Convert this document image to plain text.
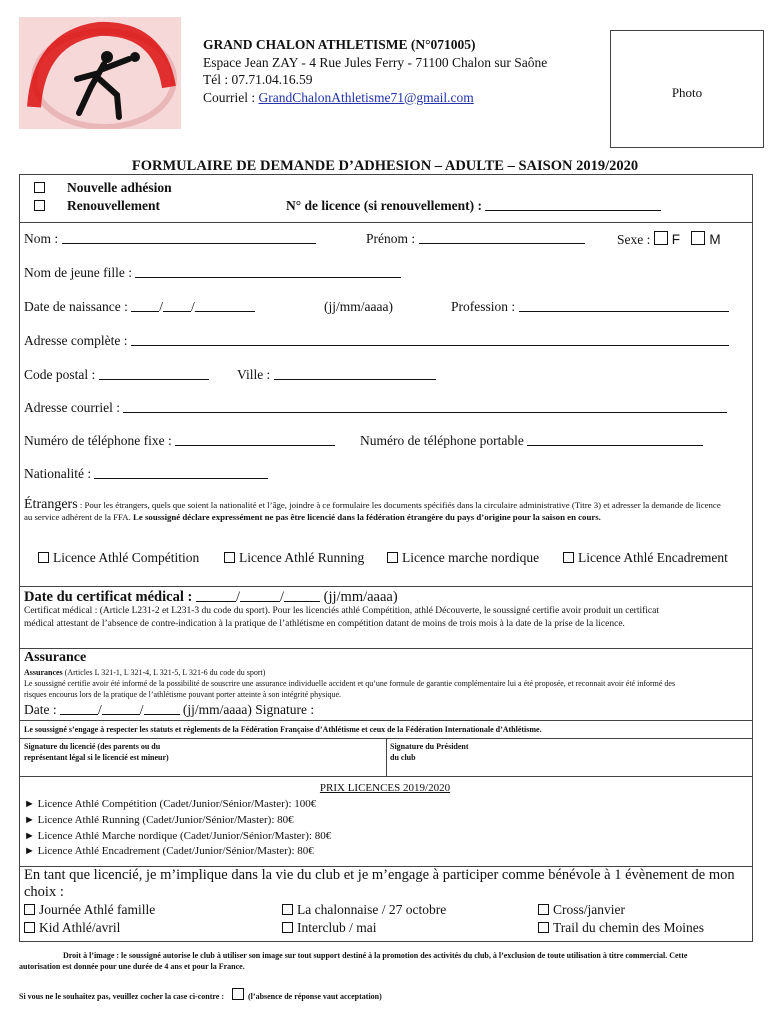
GRAND CHALON ATHLETISME (N°071005)
Espace Jean ZAY - 4 Rue Jules Ferry - 71100 Chalon sur Saône
Tél : 07.71.04.16.59
Courriel : GrandChalonAthletisme71@gmail.com	Photo
FORMULAIRE DE DEMANDE D’ADHESION – ADULTE – SAISON 2019/2020
Nouvelle adhésion
Renouvellement	N° de licence (si renouvellement) :
Nom :	Prénom :	Sexe : F M
Nom de jeune fille :
Date de naissance : / /	(jj/mm/aaaa)	Profession :
Adresse complète :
Code postal :	Ville :
Adresse courriel :
Numéro de téléphone fixe :	Numéro de téléphone portable
Nationalité :
Étrangers : Pour les étrangers, quels que soient la nationalité et l’âge, joindre à ce formulaire les documents spécifiés dans la circulaire administrative (Titre 3) et adresser la demande de licence au service adhérent de la FFA. Le soussigné déclare expressément ne pas être licencié dans la fédération étrangère du pays d’origine pour la saison en cours.
Licence Athlé Compétition	Licence Athlé Running	Licence marche nordique	Licence Athlé Encadrement
Date du certificat médical :	/	/ (jj/mm/aaaa)
Certificat médical : (Article L231-2 et L231-3 du code du sport). Pour les licenciés athlé Compétition, athlé Découverte, le soussigné certifie avoir produit un certificat médical attestant de l’absence de contre-indication à la pratique de l’athlétisme en compétition datant de moins de trois mois à la date de la prise de la licence.
Assurance
Assurances (Articles L 321-1, L 321-4, L 321-5, L 321-6 du code du sport)
Le soussigné certifie avoir été informé de la possibilité de souscrire une assurance individuelle accident et qu’une formule de garantie complémentaire lui a été proposée, et reconnait avoir été informé des risques encourus lors de la pratique de l’athlétisme pouvant porter atteinte à son intégrité physique.
Date :	/	/	(jj/mm/aaaa) Signature :
Le soussigné s’engage à respecter les statuts et règlements de la Fédération Française d’Athlétisme et ceux de la Fédération Internationale d’Athlétisme.
Signature du licencié (des parents ou du représentant légal si le licencié est mineur)
Signature du Président du club
PRIX LICENCES 2019/2020
► Licence Athlé Compétition (Cadet/Junior/Sénior/Master): 100€
► Licence Athlé Running (Cadet/Junior/Sénior/Master): 80€
► Licence Athlé Marche nordique (Cadet/Junior/Sénior/Master): 80€
► Licence Athlé Encadrement (Cadet/Junior/Sénior/Master): 80€
En tant que licencié, je m’implique dans la vie du club et je m’engage à participer comme bénévole à 1 évènement de mon choix :
Journée Athlé famille	La chalonnaise / 27 octobre	Cross/janvier
Kid Athlé/avril	Interclub / mai	Trail du chemin des Moines
Droit à l’image : le soussigné autorise le club à utiliser son image sur tout support destiné à la promotion des activités du club, à l’exclusion de toute utilisation à titre commercial. Cette autorisation est donnée pour une durée de 4 ans et pour la France.
Si vous ne le souhaitez pas, veuillez cocher la case ci-contre :	(l’absence de réponse vaut acceptation)
